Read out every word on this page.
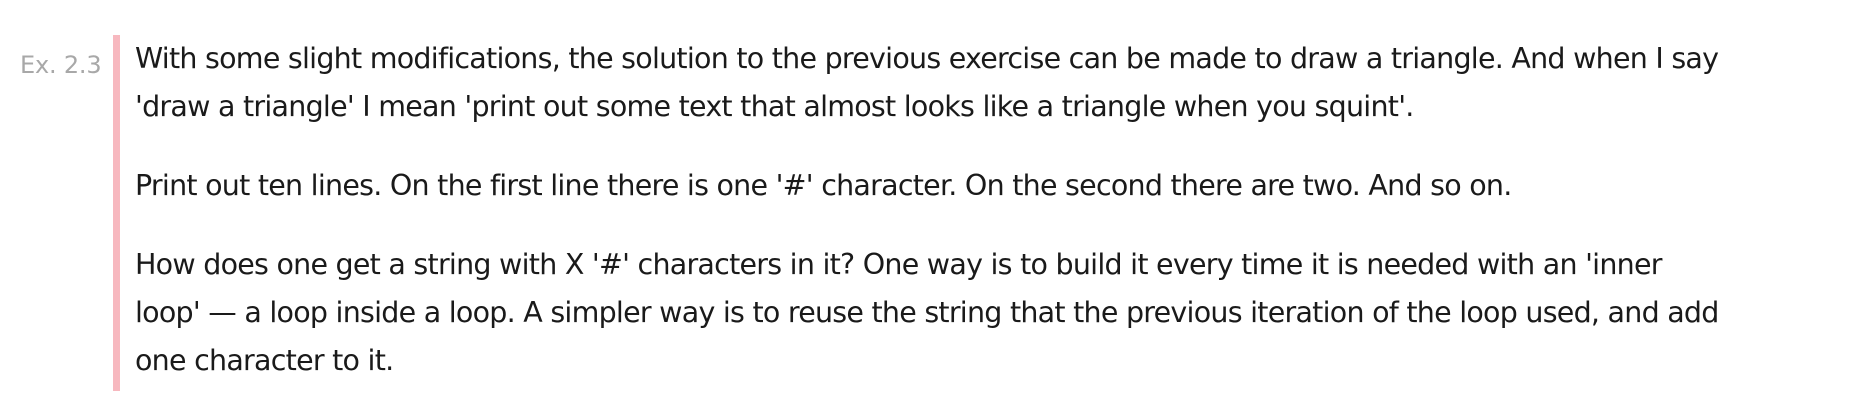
Ex. 2.3	With some slight modifications, the solution to the previous exercise can be made to draw a triangle. And when I say
'draw a triangle' I mean 'print out some text that almost looks like a triangle when you squint'.

Print out ten lines. On the first line there is one '#' character. On the second there are two. And so on.

How does one get a string with X '#' characters in it? One way is to build it every time it is needed with an 'inner
loop' — a loop inside a loop. A simpler way is to reuse the string that the previous iteration of the loop used, and add
one character to it.
